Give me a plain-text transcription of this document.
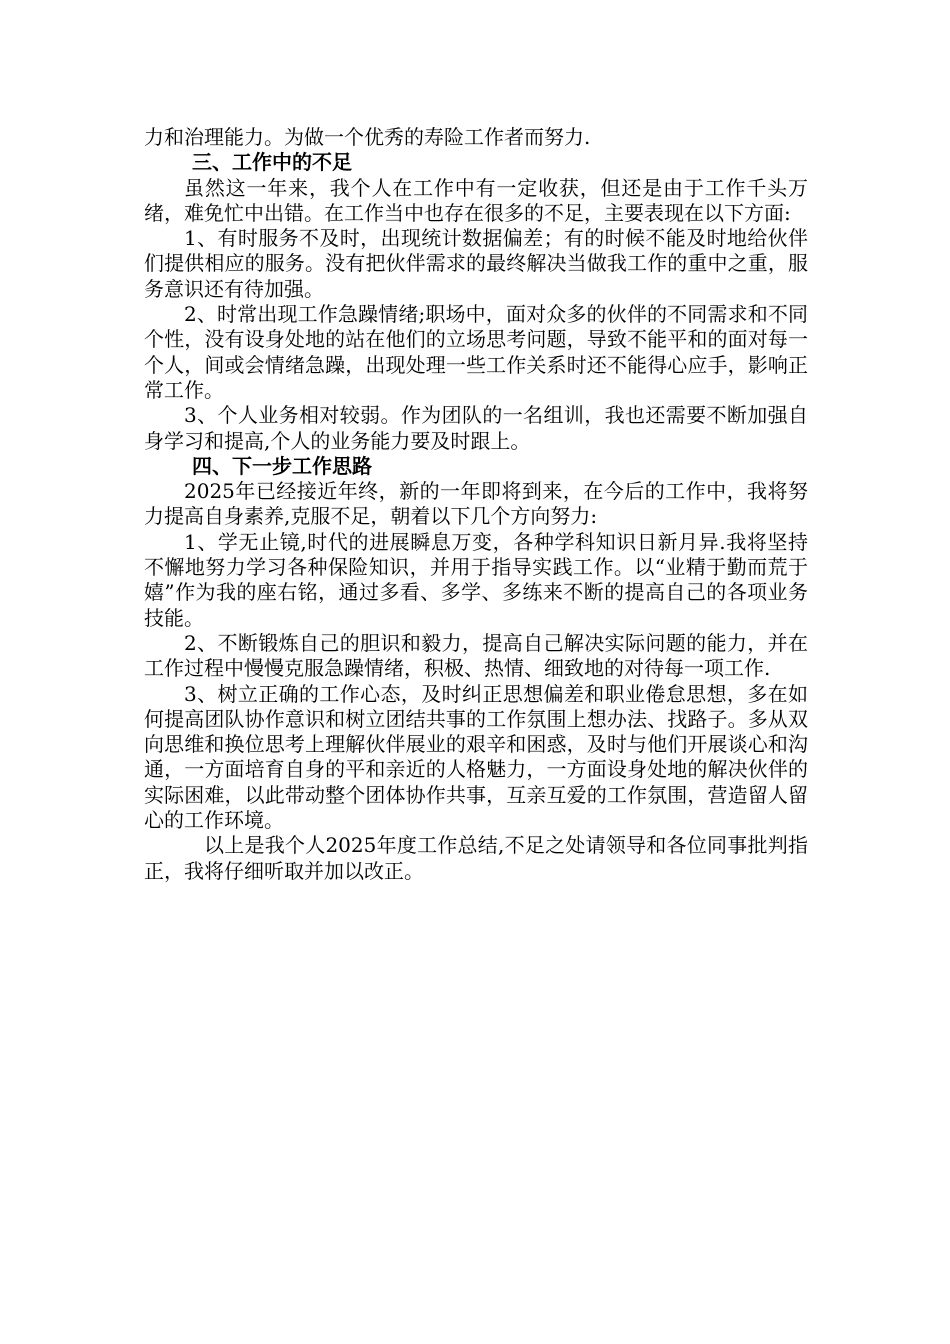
力和治理能力。为做一个优秀的寿险工作者而努力.

三、工作中的不足

虽然这一年来，我个人在工作中有一定收获，但还是由于工作千头万绪，难免忙中出错。在工作当中也存在很多的不足，主要表现在以下方面:

1、有时服务不及时，出现统计数据偏差；有的时候不能及时地给伙伴们提供相应的服务。没有把伙伴需求的最终解决当做我工作的重中之重，服务意识还有待加强。

2、时常出现工作急躁情绪;职场中，面对众多的伙伴的不同需求和不同个性，没有设身处地的站在他们的立场思考问题，导致不能平和的面对每一个人，间或会情绪急躁，出现处理一些工作关系时还不能得心应手，影响正常工作。

3、个人业务相对较弱。作为团队的一名组训，我也还需要不断加强自身学习和提高,个人的业务能力要及时跟上。

四、下一步工作思路

2025年已经接近年终，新的一年即将到来，在今后的工作中，我将努力提高自身素养,克服不足，朝着以下几个方向努力:

1、学无止镜,时代的进展瞬息万变，各种学科知识日新月异.我将坚持不懈地努力学习各种保险知识，并用于指导实践工作。以“业精于勤而荒于嬉”作为我的座右铭，通过多看、多学、多练来不断的提高自己的各项业务技能。

2、不断锻炼自己的胆识和毅力，提高自己解决实际问题的能力，并在工作过程中慢慢克服急躁情绪，积极、热情、细致地的对待每一项工作.

3、树立正确的工作心态，及时纠正思想偏差和职业倦怠思想，多在如何提高团队协作意识和树立团结共事的工作氛围上想办法、找路子。多从双向思维和换位思考上理解伙伴展业的艰辛和困惑，及时与他们开展谈心和沟通，一方面培育自身的平和亲近的人格魅力，一方面设身处地的解决伙伴的实际困难，以此带动整个团体协作共事，互亲互爱的工作氛围，营造留人留心的工作环境。

以上是我个人2025年度工作总结,不足之处请领导和各位同事批判指正，我将仔细听取并加以改正。
